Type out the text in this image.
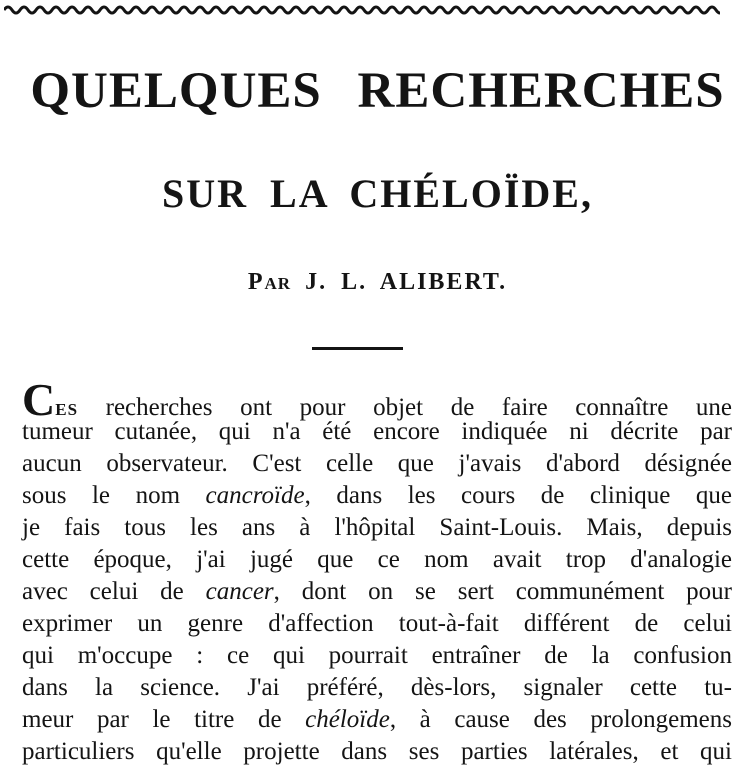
QUELQUES RECHERCHES
SUR LA CHÉLOÏDE,

PAR J. L. ALIBERT.

CES recherches ont pour objet de faire connaître une
tumeur cutanée, qui n'a été encore indiquée ni décrite par
aucun observateur. C'est celle que j'avais d'abord désignée
sous le nom cancroïde, dans les cours de clinique que
je fais tous les ans à l'hôpital Saint-Louis. Mais, depuis
cette époque, j'ai jugé que ce nom avait trop d'analogie
avec celui de cancer, dont on se sert communément pour
exprimer un genre d'affection tout-à-fait différent de celui
qui m'occupe : ce qui pourrait entraîner de la confusion
dans la science. J'ai préféré, dès-lors, signaler cette tu-
meur par le titre de chéloïde, à cause des prolongemens
particuliers qu'elle projette dans ses parties latérales, et qui
